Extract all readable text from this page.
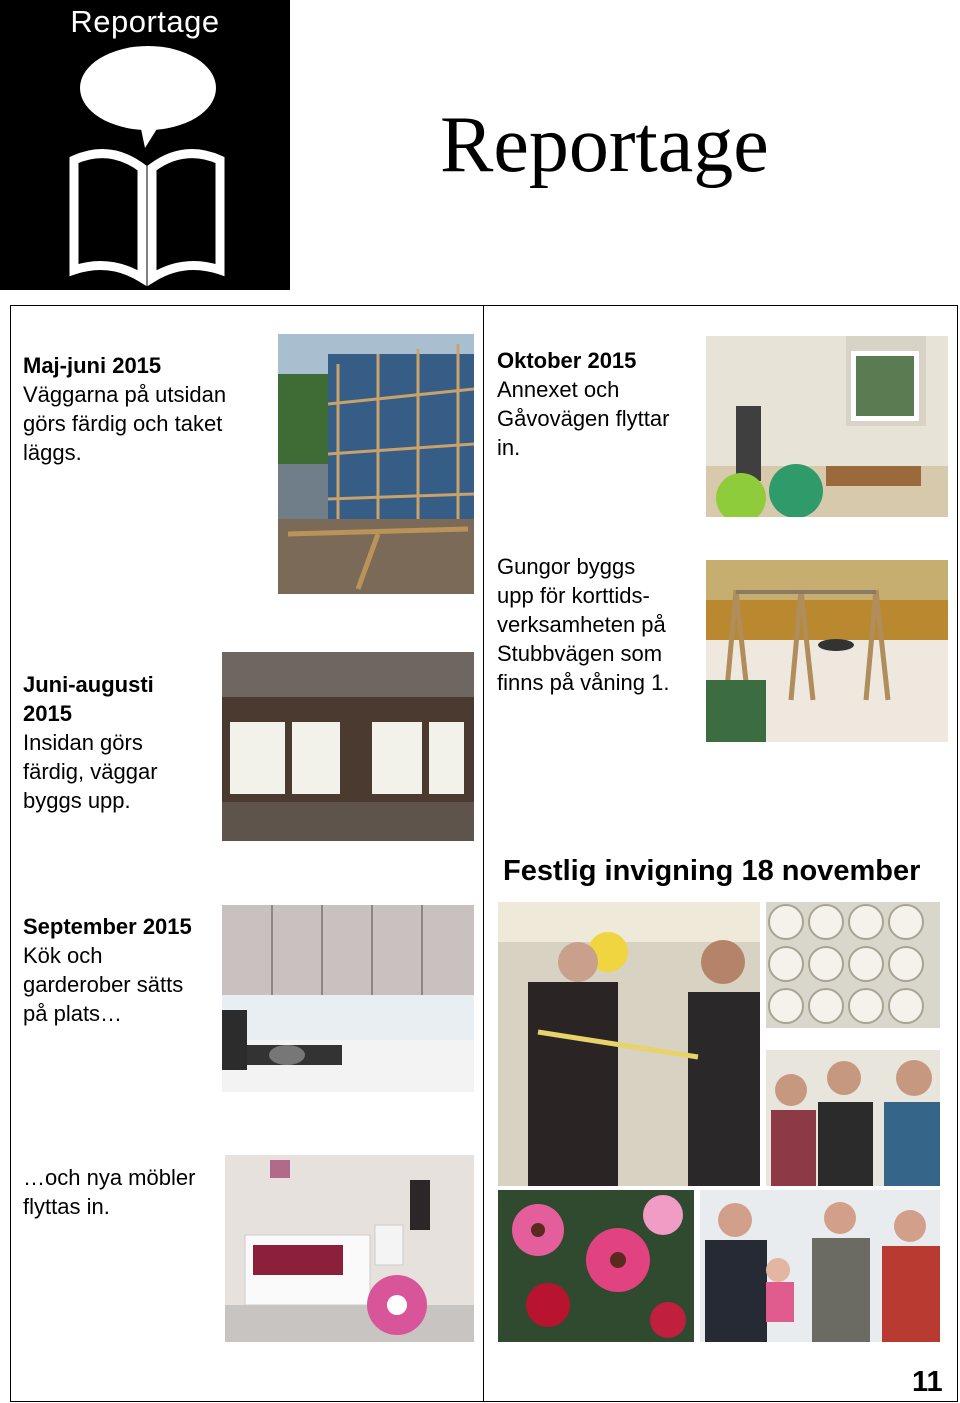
Reportage
Reportage
Maj-juni 2015
Väggarna på utsidan görs färdig och taket läggs.
Juni-augusti 2015
Insidan görs färdig, väggar byggs upp.
September 2015
Kök och garderober sätts på plats…
…och nya möbler flyttas in.
Oktober 2015
Annexet och Gåvovägen flyttar in.
Gungor byggs upp för korttids-verksamheten på Stubbvägen som finns på våning 1.
Festlig invigning 18 november
11
